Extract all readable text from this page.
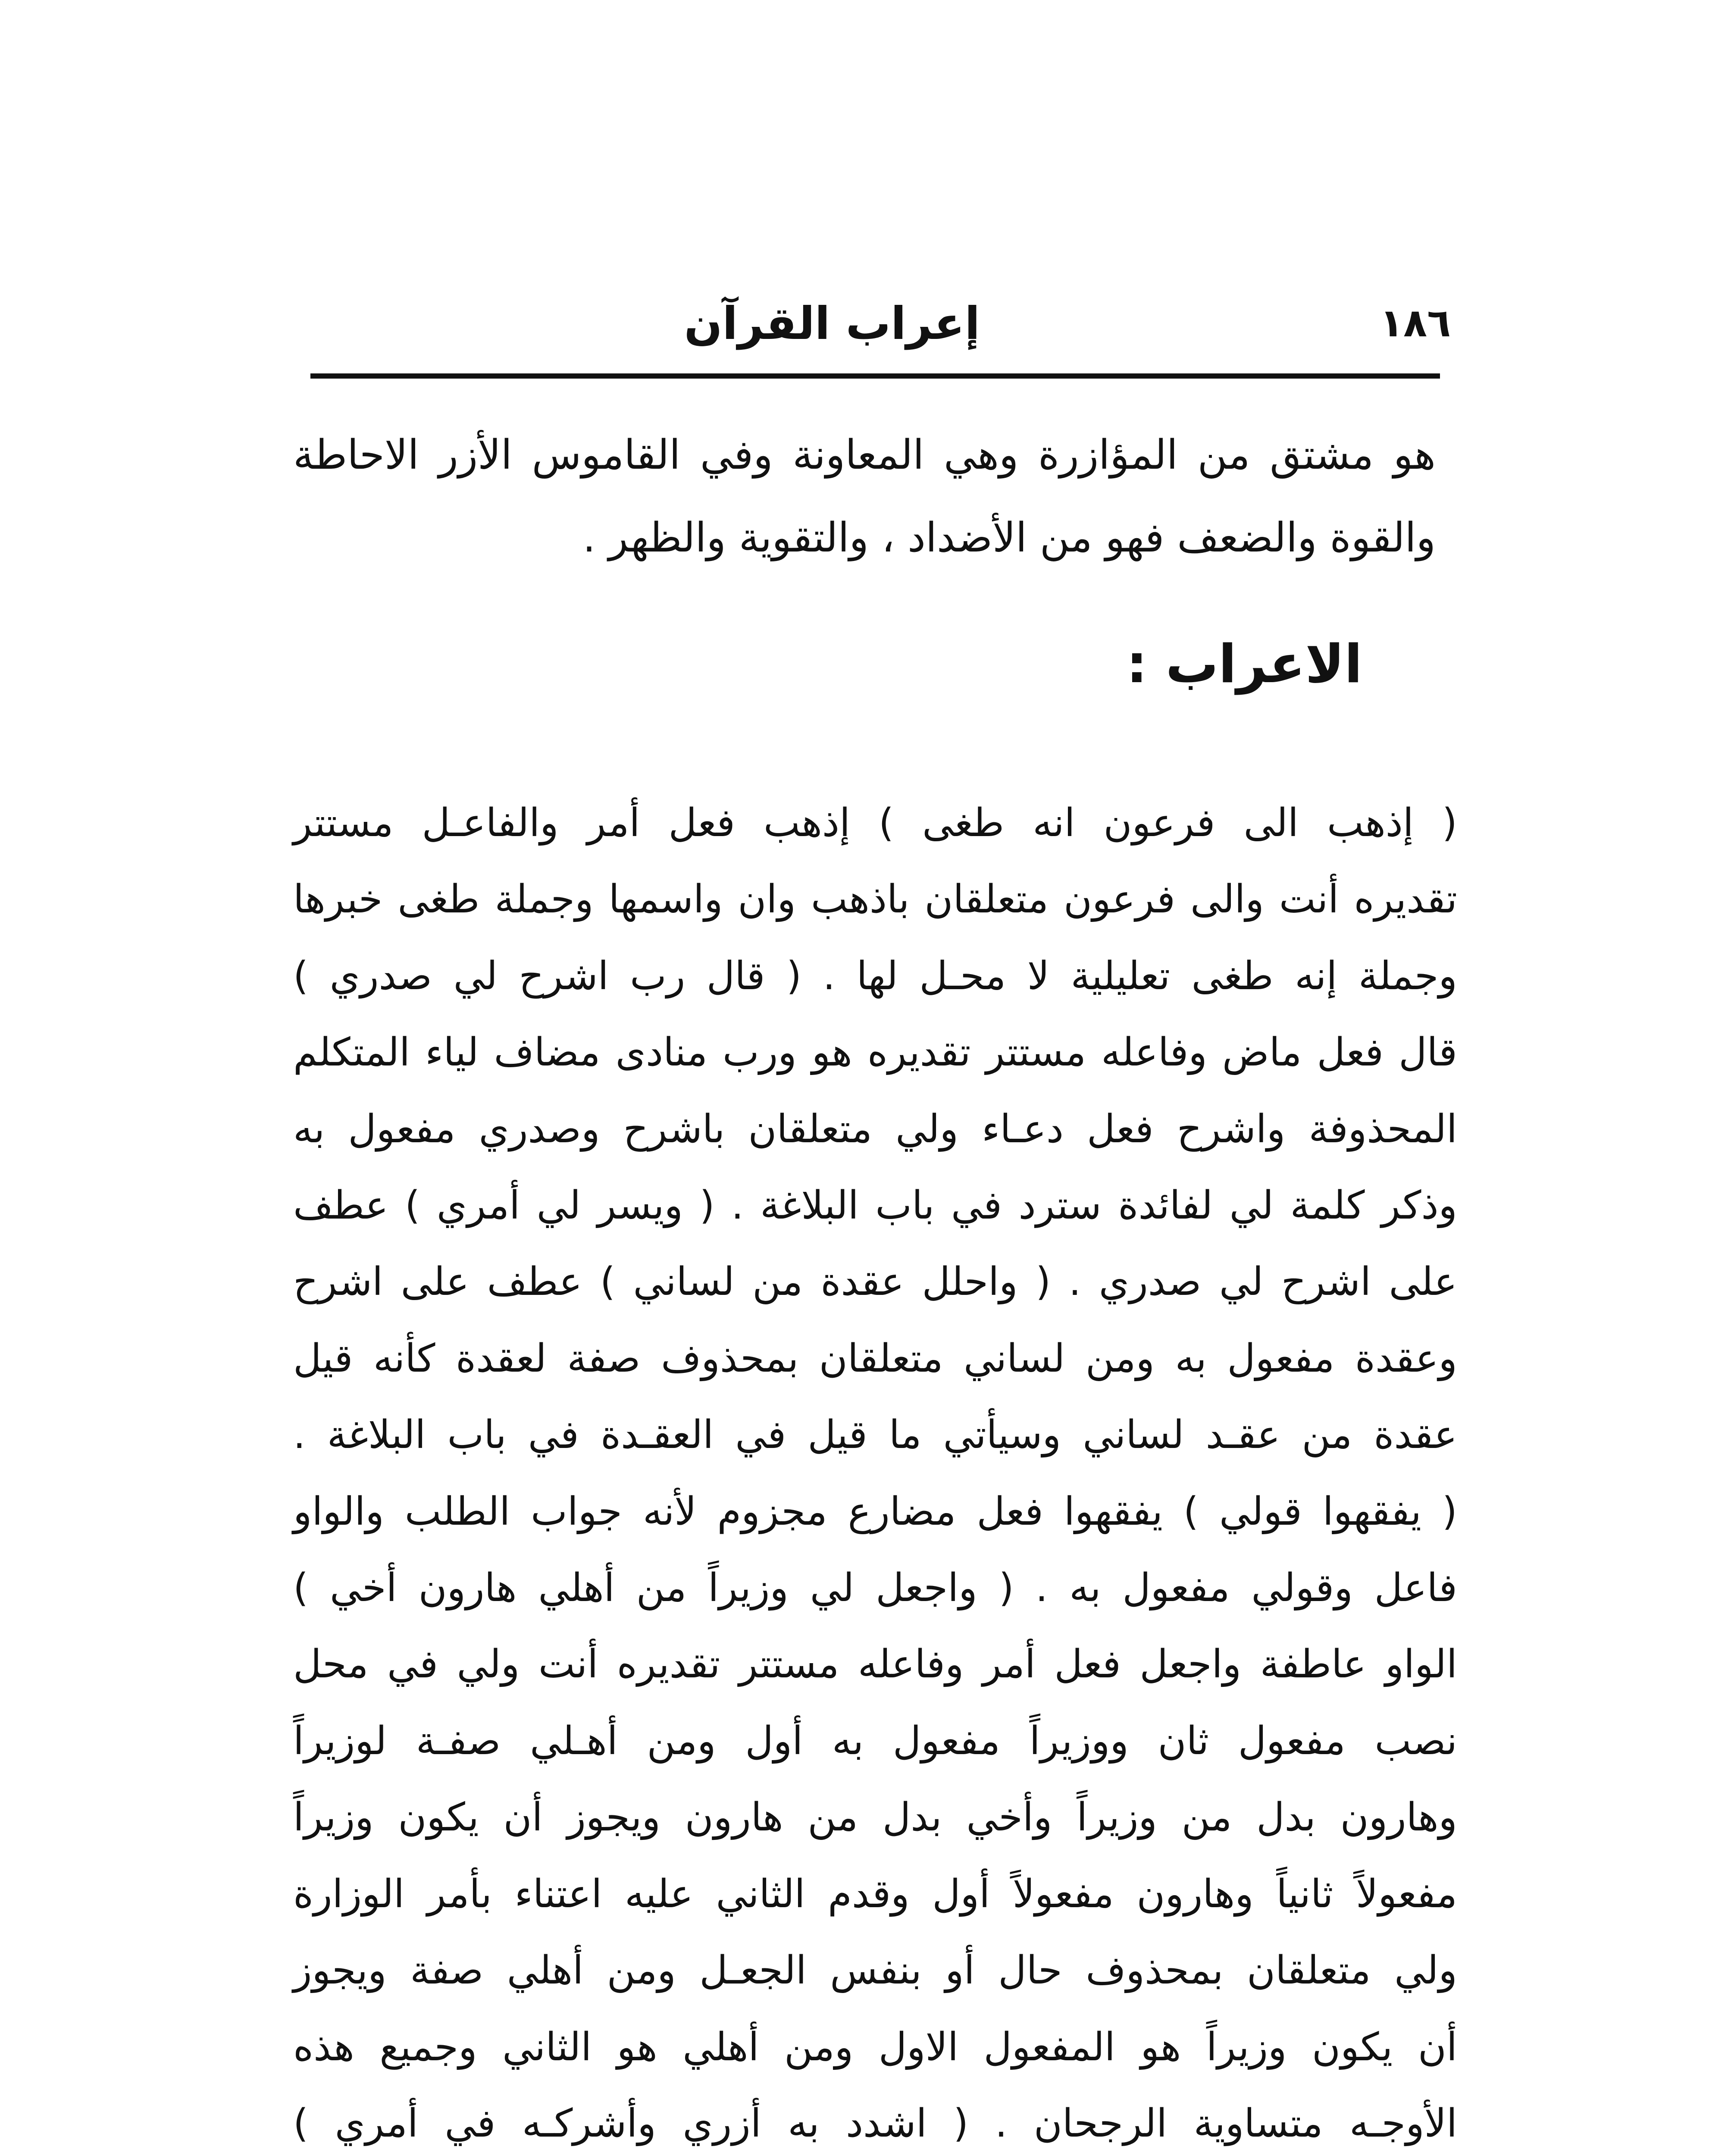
١٨٦
إعراب القرآن
هو مشتق من المؤازرة وهي المعاونة وفي القاموس الأزر الاحاطة والقوة والضعف فهو من الأضداد ، والتقوية والظهر .
الاعراب :
( إذهب الى فرعون انه طغى ) إذهب فعل أمر والفاعـل مستتر
تقديره أنت والى فرعون متعلقان باذهب وان واسمها وجملة طغى خبرها
وجملة إنه طغى تعليلية لا محـل لها . ( قال رب اشرح لي صدري )
قال فعل ماض وفاعله مستتر تقديره هو ورب منادى مضاف لياء المتكلم
المحذوفة واشرح فعل دعـاء ولي متعلقان باشرح وصدري مفعول به
وذكر كلمة لي لفائدة سترد في باب البلاغة . ( ويسر لي أمري ) عطف
على اشرح لي صدري . ( واحلل عقدة من لساني ) عطف على اشرح
وعقدة مفعول به ومن لساني متعلقان بمحذوف صفة لعقدة كأنه قيل
عقدة من عقـد لساني وسيأتي ما قيل في العقـدة في باب البلاغة .
( يفقهوا قولي ) يفقهوا فعل مضارع مجزوم لأنه جواب الطلب والواو
فاعل وقولي مفعول به . ( واجعل لي وزيراً من أهلي هارون أخي )
الواو عاطفة واجعل فعل أمر وفاعله مستتر تقديره أنت ولي في محل
نصب مفعول ثان ووزيراً مفعول به أول ومن أهـلي صفـة لوزيراً
وهارون بدل من وزيراً وأخي بدل من هارون ويجوز أن يكون وزيراً
مفعولاً ثانياً وهارون مفعولاً أول وقدم الثاني عليه اعتناء بأمر الوزارة
ولي متعلقان بمحذوف حال أو بنفس الجعـل ومن أهلي صفة ويجوز
أن يكون وزيراً هو المفعول الاول ومن أهلي هو الثاني وجميع هذه
الأوجـه متساوية الرجحان . ( اشدد به أزري وأشركـه في أمري )
